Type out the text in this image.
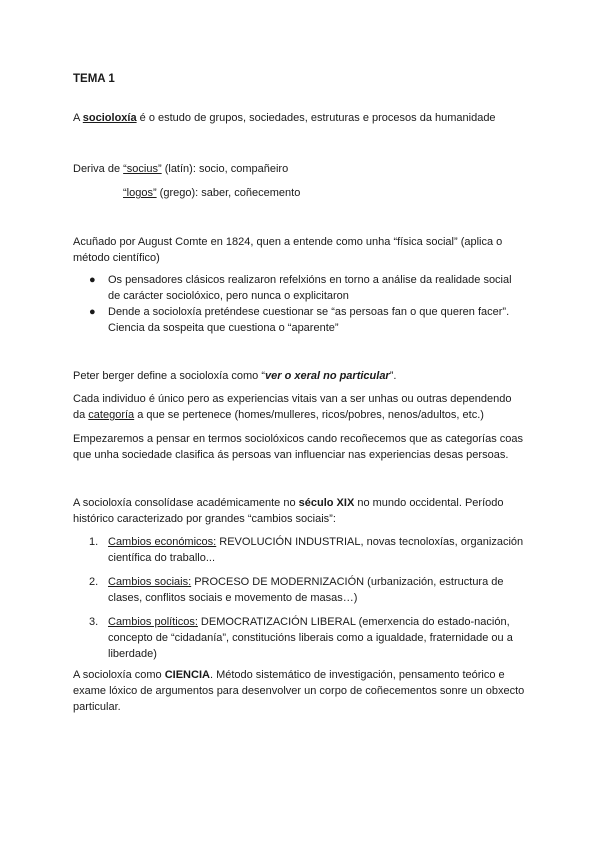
TEMA 1

A socioloxía é o estudo de grupos, sociedades, estruturas e procesos da humanidade

Deriva de “socius” (latín): socio, compañeiro

“logos” (grego): saber, coñecemento

Acuñado por August Comte en 1824, quen a entende como unha “física social” (aplica o método científico)

● Os pensadores clásicos realizaron refelxións en torno a análise da realidade social de carácter sociolóxico, pero nunca o explicitaron
● Dende a socioloxía preténdese cuestionar se “as persoas fan o que queren facer”. Ciencia da sospeita que cuestiona o “aparente”

Peter berger define a socioloxía como “ver o xeral no particular”.

Cada individuo é único pero as experiencias vitais van a ser unhas ou outras dependendo da categoría a que se pertenece (homes/mulleres, ricos/pobres, nenos/adultos, etc.)

Empezaremos a pensar en termos sociolóxicos cando recoñecemos que as categorías coas que unha sociedade clasifica ás persoas van influenciar nas experiencias desas persoas.

A socioloxía consolídase académicamente no século XIX no mundo occidental. Período histórico caracterizado por grandes “cambios sociais”:

1. Cambios económicos: REVOLUCIÓN INDUSTRIAL, novas tecnoloxías, organización científica do traballo...
2. Cambios sociais: PROCESO DE MODERNIZACIÓN (urbanización, estructura de clases, conflitos sociais e movemento de masas…)
3. Cambios políticos: DEMOCRATIZACIÓN LIBERAL (emerxencia do estado-nación, concepto de “cidadanía”, constitucións liberais como a igualdade, fraternidade ou a liberdade)

A socioloxía como CIENCIA. Método sistemático de investigación, pensamento teórico e exame lóxico de argumentos para desenvolver un corpo de coñecementos sonre un obxecto particular.
